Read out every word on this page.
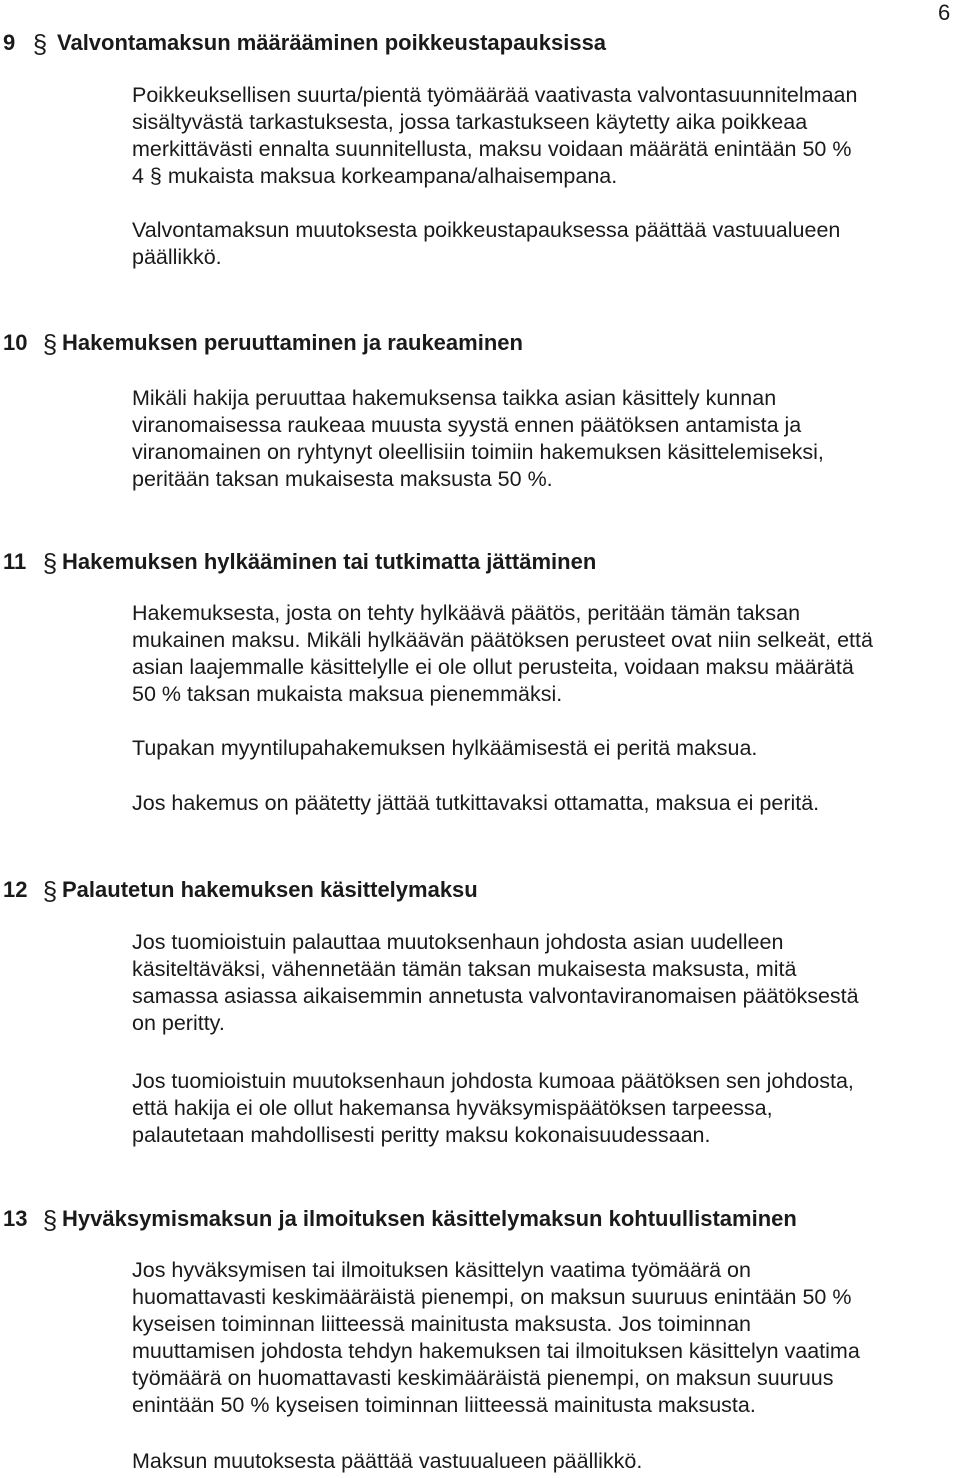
6
9 § Valvontamaksun määrääminen poikkeustapauksissa
Poikkeuksellisen suurta/pientä työmäärää vaativasta valvontasuunnitelmaan
sisältyvästä tarkastuksesta, jossa tarkastukseen käytetty aika poikkeaa
merkittävästi ennalta suunnitellusta, maksu voidaan määrätä enintään 50 %
4 § mukaista maksua korkeampana/alhaisempana.
Valvontamaksun muutoksesta poikkeustapauksessa päättää vastuualueen
päällikkö.
10 § Hakemuksen peruuttaminen ja raukeaminen
Mikäli hakija peruuttaa hakemuksensa taikka asian käsittely kunnan
viranomaisessa raukeaa muusta syystä ennen päätöksen antamista ja
viranomainen on ryhtynyt oleellisiin toimiin hakemuksen käsittelemiseksi,
peritään taksan mukaisesta maksusta 50 %.
11 § Hakemuksen hylkääminen tai tutkimatta jättäminen
Hakemuksesta, josta on tehty hylkäävä päätös, peritään tämän taksan
mukainen maksu. Mikäli hylkäävän päätöksen perusteet ovat niin selkeät, että
asian laajemmalle käsittelylle ei ole ollut perusteita, voidaan maksu määrätä
50 % taksan mukaista maksua pienemmäksi.
Tupakan myyntilupahakemuksen hylkäämisestä ei peritä maksua.
Jos hakemus on päätetty jättää tutkittavaksi ottamatta, maksua ei peritä.
12 § Palautetun hakemuksen käsittelymaksu
Jos tuomioistuin palauttaa muutoksenhaun johdosta asian uudelleen
käsiteltäväksi, vähennetään tämän taksan mukaisesta maksusta, mitä
samassa asiassa aikaisemmin annetusta valvontaviranomaisen päätöksestä
on peritty.
Jos tuomioistuin muutoksenhaun johdosta kumoaa päätöksen sen johdosta,
että hakija ei ole ollut hakemansa hyväksymispäätöksen tarpeessa,
palautetaan mahdollisesti peritty maksu kokonaisuudessaan.
13 § Hyväksymismaksun ja ilmoituksen käsittelymaksun kohtuullistaminen
Jos hyväksymisen tai ilmoituksen käsittelyn vaatima työmäärä on
huomattavasti keskimääräistä pienempi, on maksun suuruus enintään 50 %
kyseisen toiminnan liitteessä mainitusta maksusta. Jos toiminnan
muuttamisen johdosta tehdyn hakemuksen tai ilmoituksen käsittelyn vaatima
työmäärä on huomattavasti keskimääräistä pienempi, on maksun suuruus
enintään 50 % kyseisen toiminnan liitteessä mainitusta maksusta.
Maksun muutoksesta päättää vastuualueen päällikkö.
